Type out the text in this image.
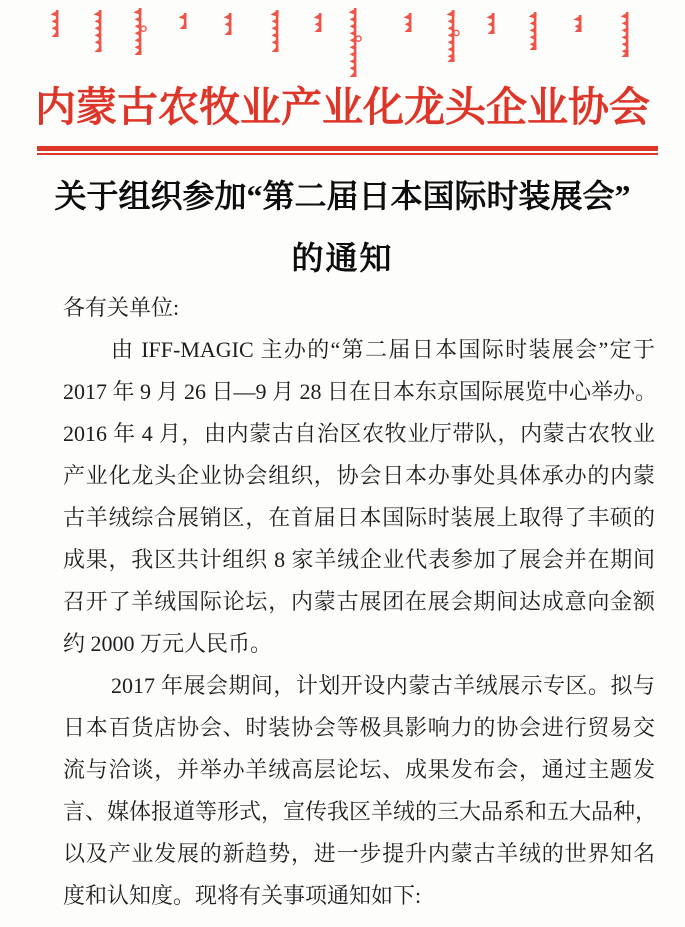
内蒙古农牧业产业化龙头企业协会
关于组织参加“第二届日本国际时装展会”
的通知
各有关单位:
由 IFF-MAGIC 主办的“第二届日本国际时装展会”定于
2017 年 9 月 26 日—9 月 28 日在日本东京国际展览中心举办。
2016 年 4 月，由内蒙古自治区农牧业厅带队，内蒙古农牧业
产业化龙头企业协会组织，协会日本办事处具体承办的内蒙
古羊绒综合展销区，在首届日本国际时装展上取得了丰硕的
成果，我区共计组织 8 家羊绒企业代表参加了展会并在期间
召开了羊绒国际论坛，内蒙古展团在展会期间达成意向金额
约 2000 万元人民币。
2017 年展会期间，计划开设内蒙古羊绒展示专区。拟与
日本百货店协会、时装协会等极具影响力的协会进行贸易交
流与洽谈，并举办羊绒高层论坛、成果发布会，通过主题发
言、媒体报道等形式，宣传我区羊绒的三大品系和五大品种，
以及产业发展的新趋势，进一步提升内蒙古羊绒的世界知名
度和认知度。现将有关事项通知如下:
